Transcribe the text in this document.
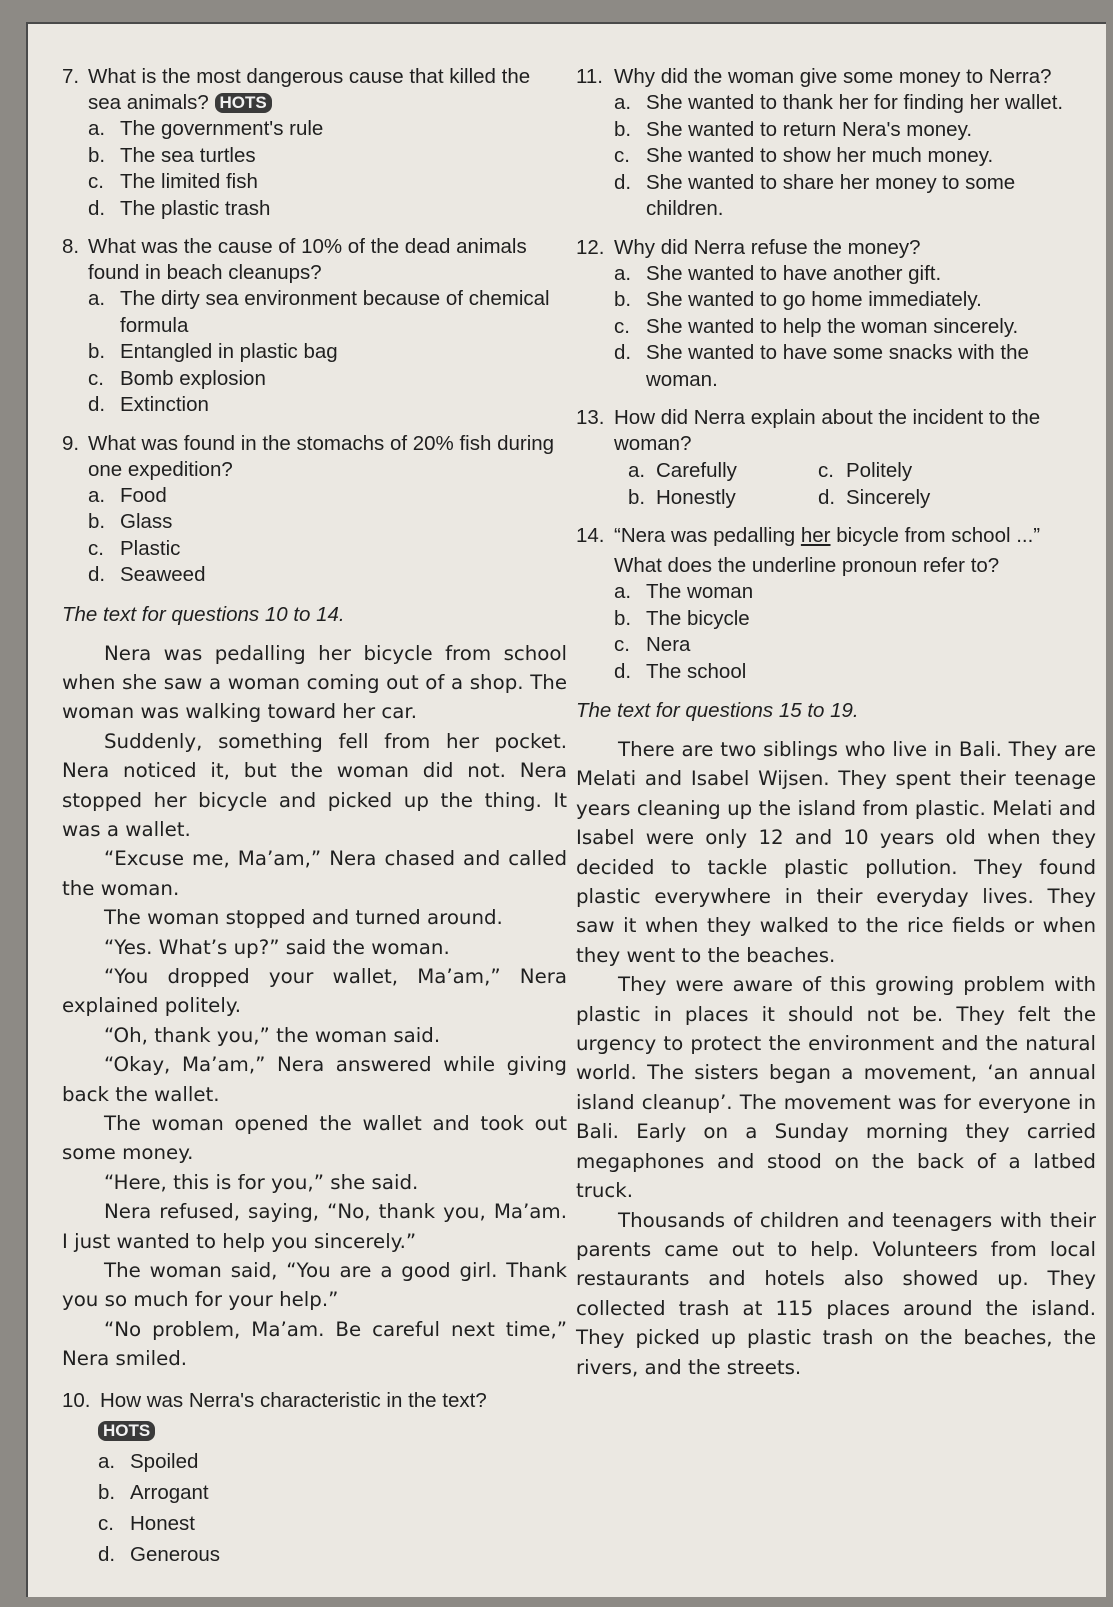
7. What is the most dangerous cause that killed the sea animals? HOTS
a. The government's rule
b. The sea turtles
c. The limited fish
d. The plastic trash
8. What was the cause of 10% of the dead animals found in beach cleanups?
a. The dirty sea environment because of chemical formula
b. Entangled in plastic bag
c. Bomb explosion
d. Extinction
9. What was found in the stomachs of 20% fish during one expedition?
a. Food
b. Glass
c. Plastic
d. Seaweed
The text for questions 10 to 14.

Nera was pedalling her bicycle from school when she saw a woman coming out of a shop. The woman was walking toward her car.

Suddenly, something fell from her pocket. Nera noticed it, but the woman did not. Nera stopped her bicycle and picked up the thing. It was a wallet.

“Excuse me, Ma’am,” Nera chased and called the woman.

The woman stopped and turned around.

“Yes. What’s up?” said the woman.

“You dropped your wallet, Ma’am,” Nera explained politely.

“Oh, thank you,” the woman said.

“Okay, Ma’am,” Nera answered while giving back the wallet.

The woman opened the wallet and took out some money.

“Here, this is for you,” she said.

Nera refused, saying, “No, thank you, Ma’am. I just wanted to help you sincerely.”

The woman said, “You are a good girl. Thank you so much for your help.”

“No problem, Ma’am. Be careful next time,” Nera smiled.

10. How was Nerra's characteristic in the text?
HOTS
a. Spoiled
b. Arrogant
c. Honest
d. Generous
11. Why did the woman give some money to Nerra?
a. She wanted to thank her for finding her wallet.
b. She wanted to return Nera's money.
c. She wanted to show her much money.
d. She wanted to share her money to some children.
12. Why did Nerra refuse the money?
a. She wanted to have another gift.
b. She wanted to go home immediately.
c. She wanted to help the woman sincerely.
d. She wanted to have some snacks with the woman.
13. How did Nerra explain about the incident to the woman?
a. Carefully	c. Politely
b. Honestly	d. Sincerely
14. “Nera was pedalling her bicycle from school ...”
What does the underline pronoun refer to?
a. The woman
b. The bicycle
c. Nera
d. The school
The text for questions 15 to 19.

There are two siblings who live in Bali. They are Melati and Isabel Wijsen. They spent their teenage years cleaning up the island from plastic. Melati and Isabel were only 12 and 10 years old when they decided to tackle plastic pollution. They found plastic everywhere in their everyday lives. They saw it when they walked to the rice fields or when they went to the beaches.

They were aware of this growing problem with plastic in places it should not be. They felt the urgency to protect the environment and the natural world. The sisters began a movement, ‘an annual island cleanup’. The movement was for everyone in Bali. Early on a Sunday morning they carried megaphones and stood on the back of a latbed truck.

Thousands of children and teenagers with their parents came out to help. Volunteers from local restaurants and hotels also showed up. They collected trash at 115 places around the island. They picked up plastic trash on the beaches, the rivers, and the streets.
